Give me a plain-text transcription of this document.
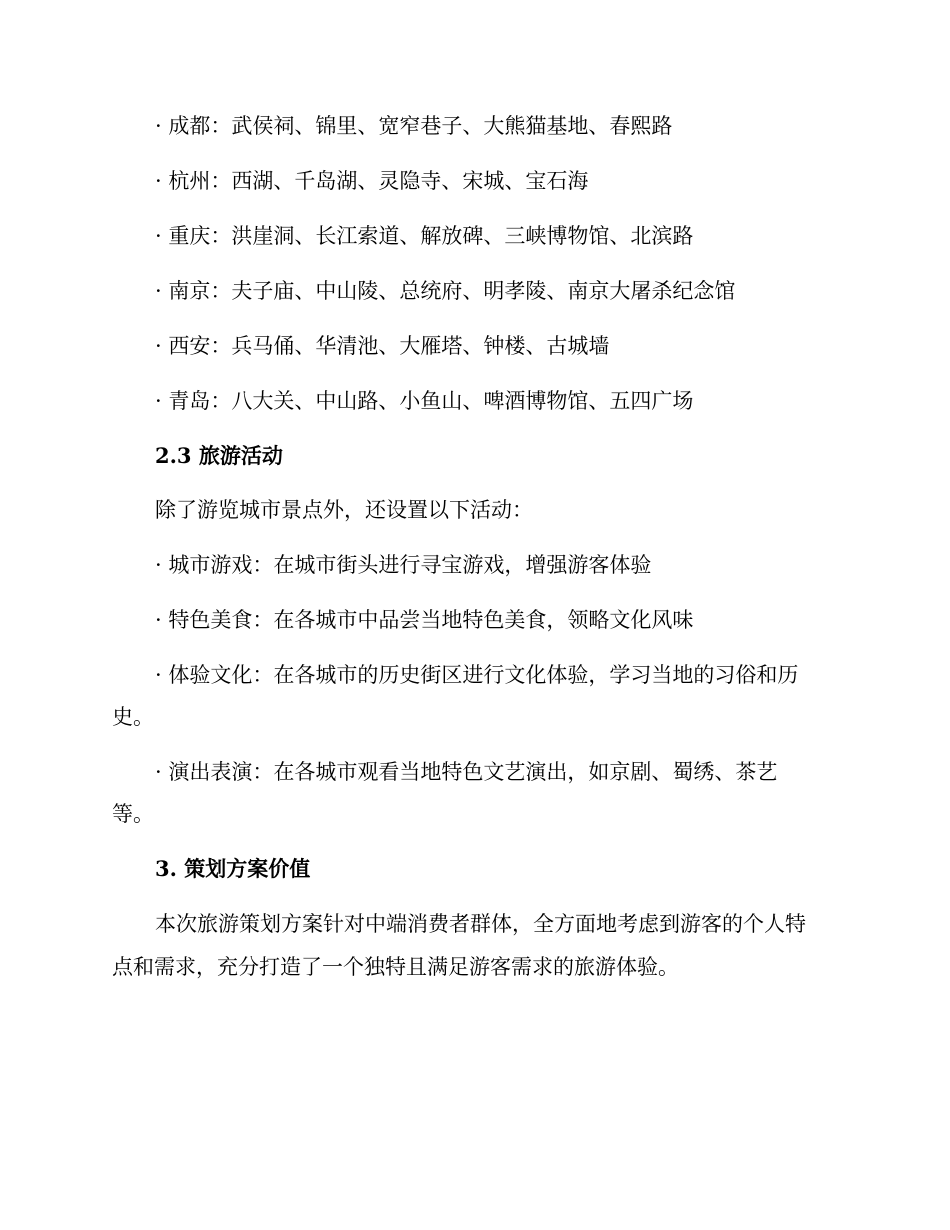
· 成都：武侯祠、锦里、宽窄巷子、大熊猫基地、春熙路
· 杭州：西湖、千岛湖、灵隐寺、宋城、宝石海
· 重庆：洪崖洞、长江索道、解放碑、三峡博物馆、北滨路
· 南京：夫子庙、中山陵、总统府、明孝陵、南京大屠杀纪念馆
· 西安：兵马俑、华清池、大雁塔、钟楼、古城墙
· 青岛：八大关、中山路、小鱼山、啤酒博物馆、五四广场
2.3 旅游活动
除了游览城市景点外，还设置以下活动：
· 城市游戏：在城市街头进行寻宝游戏，增强游客体验
· 特色美食：在各城市中品尝当地特色美食，领略文化风味
· 体验文化：在各城市的历史街区进行文化体验，学习当地的习俗和历
史。
· 演出表演：在各城市观看当地特色文艺演出，如京剧、蜀绣、茶艺
等。
3. 策划方案价值
本次旅游策划方案针对中端消费者群体，全方面地考虑到游客的个人特
点和需求，充分打造了一个独特且满足游客需求的旅游体验。
